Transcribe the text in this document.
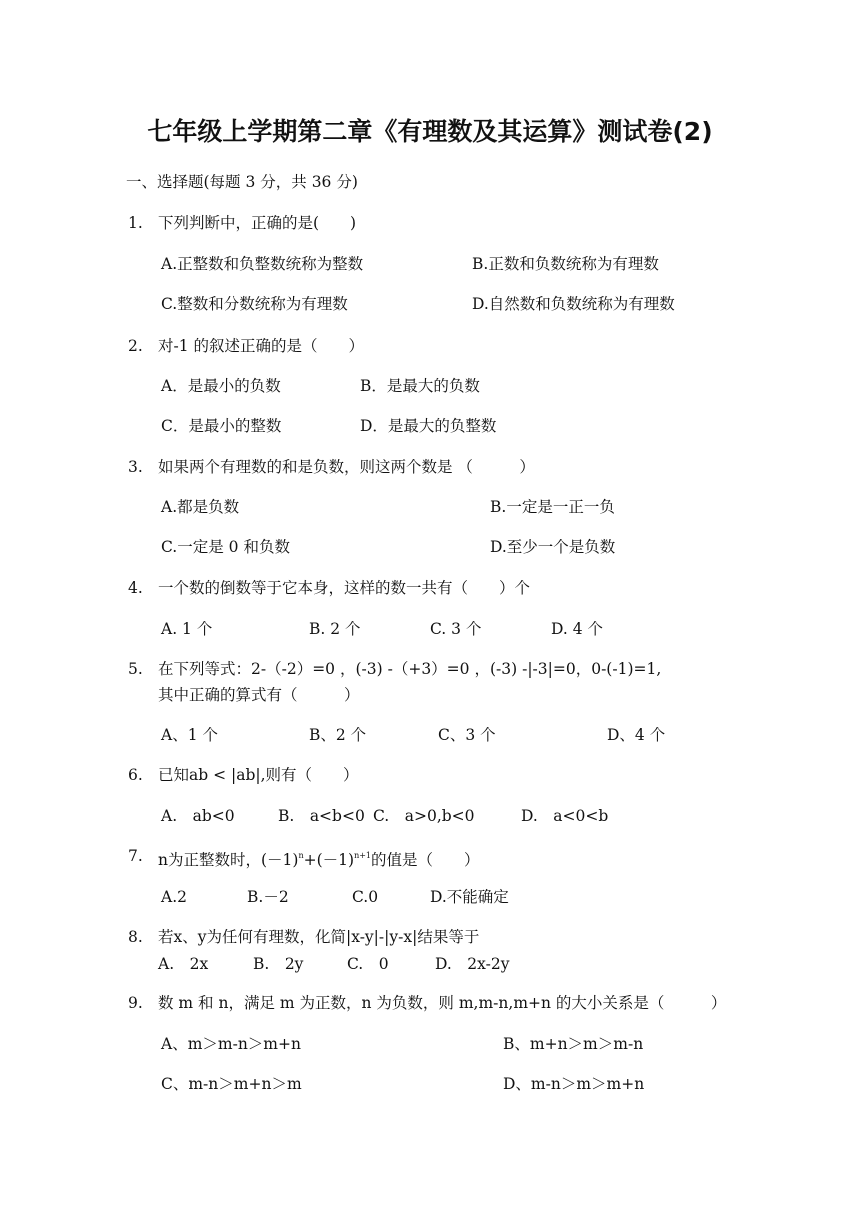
七年级上学期第二章《有理数及其运算》测试卷(2)
一、选择题(每题 3 分，共 36 分)
1. 下列判断中，正确的是(　　)
A.正整数和负整数统称为整数	B.正数和负数统称为有理数
C.整数和分数统称为有理数	D.自然数和负数统称为有理数
2. 对-1 的叙述正确的是（　　）
A．是最小的负数	B．是最大的负数
C．是最小的整数	D．是最大的负整数
3. 如果两个有理数的和是负数，则这两个数是 （　　　）
A.都是负数	B.一定是一正一负
C.一定是 0 和负数	D.至少一个是负数
4. 一个数的倒数等于它本身，这样的数一共有（　　）个
A. 1 个	B. 2 个	C. 3 个	D. 4 个
5. 在下列等式：2-（-2）=0 ，(-3) -（+3）=0 ，(-3) -|-3|=0，0-(-1)=1,
其中正确的算式有（　　　）
A、1 个	B、2 个	C、3 个	D、4 个
6. 已知ab < |ab|,则有（　　）
A.　ab<0	B.　a<b<0 C.　a>0,b<0	D.　a<0<b
7. n为正整数时，$(-1)^n+(-1)^{n+1}$的值是（　　）
A.2	B.－2	C.0	D.不能确定
8. 若x、y为任何有理数，化简|x-y|-|y-x|结果等于
A.　2x	B.　2y	C.　0	D.　2x-2y
9. 数 m 和 n，满足 m 为正数，n 为负数，则 m,m-n,m+n 的大小关系是（　　　）
A、m＞m-n＞m+n	B、m+n＞m＞m-n
C、m-n＞m+n＞m	D、m-n＞m＞m+n
